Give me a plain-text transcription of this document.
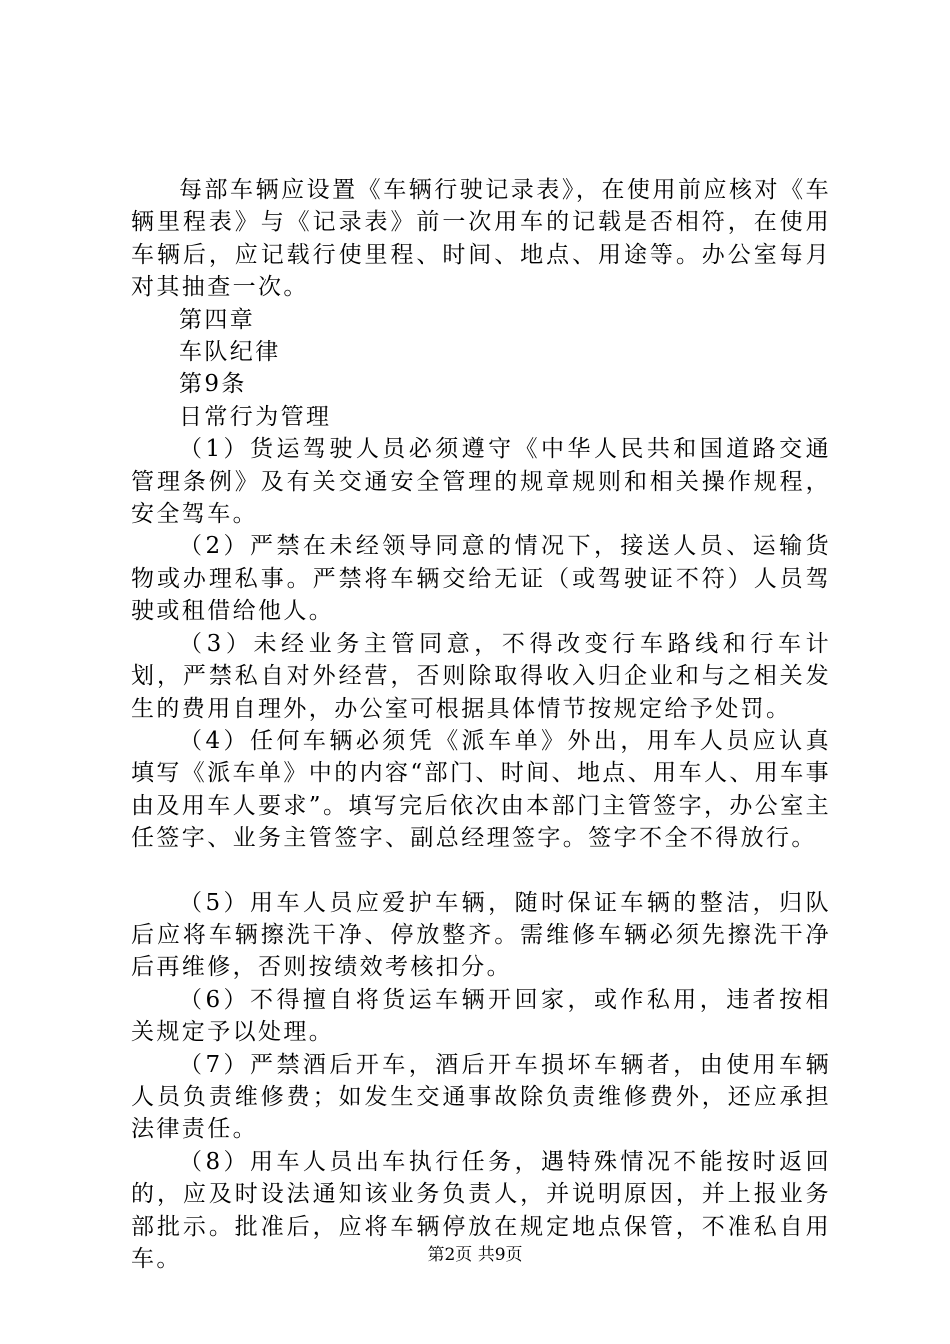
每部车辆应设置《车辆行驶记录表》，在使用前应核对《车辆里程表》与《记录表》前一次用车的记载是否相符，在使用车辆后，应记载行使里程、时间、地点、用途等。办公室每月对其抽查一次。

第四章

车队纪律

第9条

日常行为管理

（1）货运驾驶人员必须遵守《中华人民共和国道路交通管理条例》及有关交通安全管理的规章规则和相关操作规程，安全驾车。

（2）严禁在未经领导同意的情况下，接送人员、运输货物或办理私事。严禁将车辆交给无证（或驾驶证不符）人员驾驶或租借给他人。

（3）未经业务主管同意，不得改变行车路线和行车计划，严禁私自对外经营，否则除取得收入归企业和与之相关发生的费用自理外，办公室可根据具体情节按规定给予处罚。

（4）任何车辆必须凭《派车单》外出，用车人员应认真填写《派车单》中的内容“部门、时间、地点、用车人、用车事由及用车人要求”。填写完后依次由本部门主管签字，办公室主任签字、业务主管签字、副总经理签字。签字不全不得放行。

（5）用车人员应爱护车辆，随时保证车辆的整洁，归队后应将车辆擦洗干净、停放整齐。需维修车辆必须先擦洗干净后再维修，否则按绩效考核扣分。

（6）不得擅自将货运车辆开回家，或作私用，违者按相关规定予以处理。

（7）严禁酒后开车，酒后开车损坏车辆者，由使用车辆人员负责维修费；如发生交通事故除负责维修费外，还应承担法律责任。

（8）用车人员出车执行任务，遇特殊情况不能按时返回的，应及时设法通知该业务负责人，并说明原因，并上报业务部批示。批准后，应将车辆停放在规定地点保管，不准私自用车。	第2页 共9页
